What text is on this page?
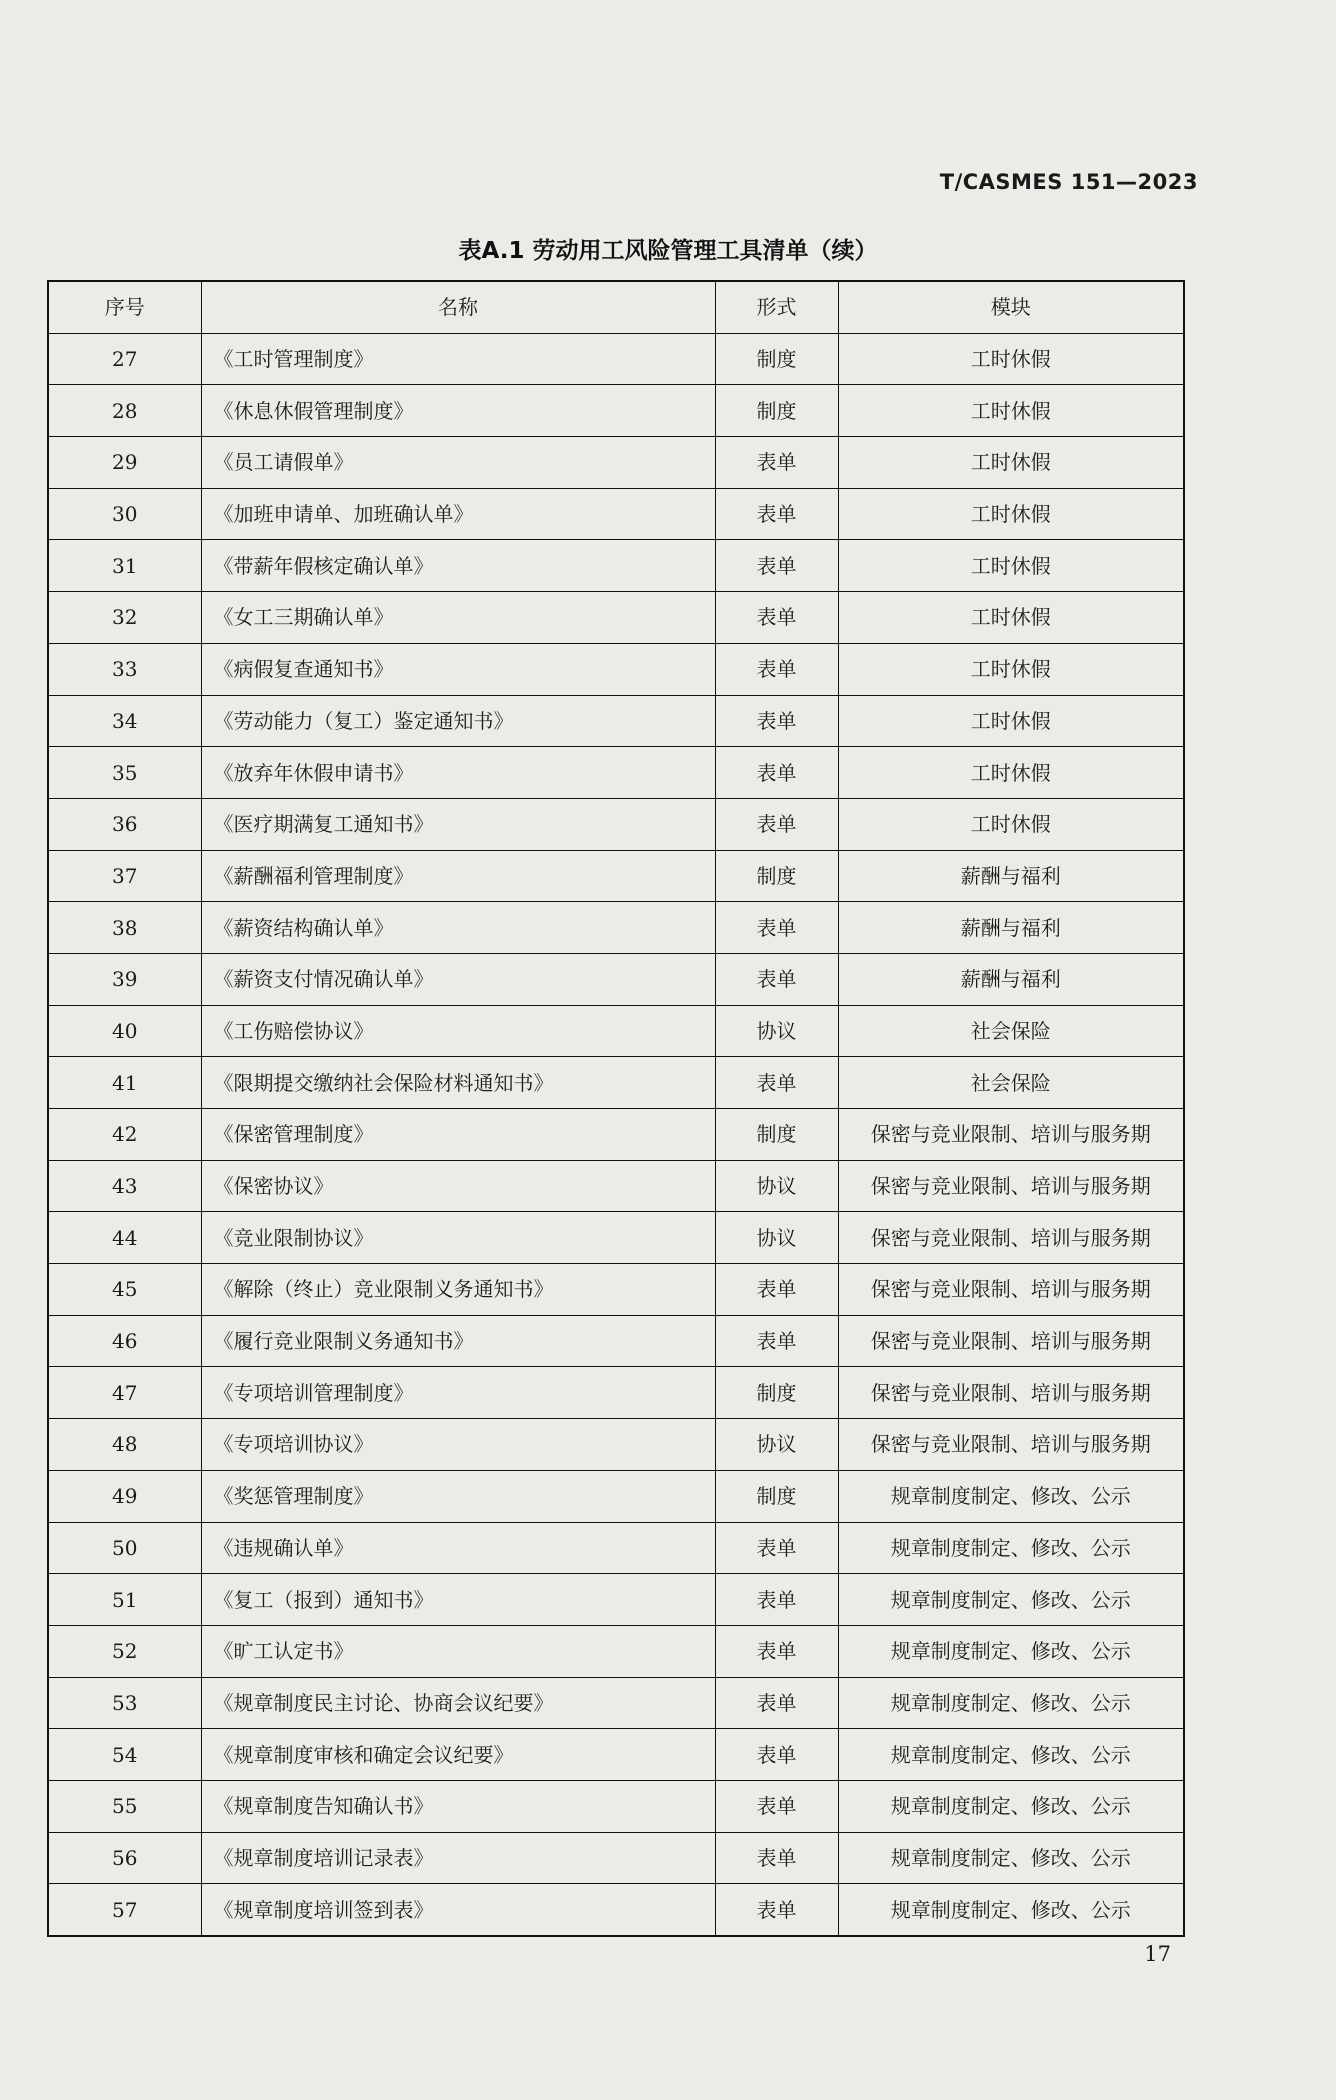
T/CASMES 151—2023
表A.1 劳动用工风险管理工具清单（续）
序号	名称	形式	模块
27	《工时管理制度》	制度	工时休假
28	《休息休假管理制度》	制度	工时休假
29	《员工请假单》	表单	工时休假
30	《加班申请单、加班确认单》	表单	工时休假
31	《带薪年假核定确认单》	表单	工时休假
32	《女工三期确认单》	表单	工时休假
33	《病假复查通知书》	表单	工时休假
34	《劳动能力（复工）鉴定通知书》	表单	工时休假
35	《放弃年休假申请书》	表单	工时休假
36	《医疗期满复工通知书》	表单	工时休假
37	《薪酬福利管理制度》	制度	薪酬与福利
38	《薪资结构确认单》	表单	薪酬与福利
39	《薪资支付情况确认单》	表单	薪酬与福利
40	《工伤赔偿协议》	协议	社会保险
41	《限期提交缴纳社会保险材料通知书》	表单	社会保险
42	《保密管理制度》	制度	保密与竞业限制、培训与服务期
43	《保密协议》	协议	保密与竞业限制、培训与服务期
44	《竞业限制协议》	协议	保密与竞业限制、培训与服务期
45	《解除（终止）竞业限制义务通知书》	表单	保密与竞业限制、培训与服务期
46	《履行竞业限制义务通知书》	表单	保密与竞业限制、培训与服务期
47	《专项培训管理制度》	制度	保密与竞业限制、培训与服务期
48	《专项培训协议》	协议	保密与竞业限制、培训与服务期
49	《奖惩管理制度》	制度	规章制度制定、修改、公示
50	《违规确认单》	表单	规章制度制定、修改、公示
51	《复工（报到）通知书》	表单	规章制度制定、修改、公示
52	《旷工认定书》	表单	规章制度制定、修改、公示
53	《规章制度民主讨论、协商会议纪要》	表单	规章制度制定、修改、公示
54	《规章制度审核和确定会议纪要》	表单	规章制度制定、修改、公示
55	《规章制度告知确认书》	表单	规章制度制定、修改、公示
56	《规章制度培训记录表》	表单	规章制度制定、修改、公示
57	《规章制度培训签到表》	表单	规章制度制定、修改、公示
17
